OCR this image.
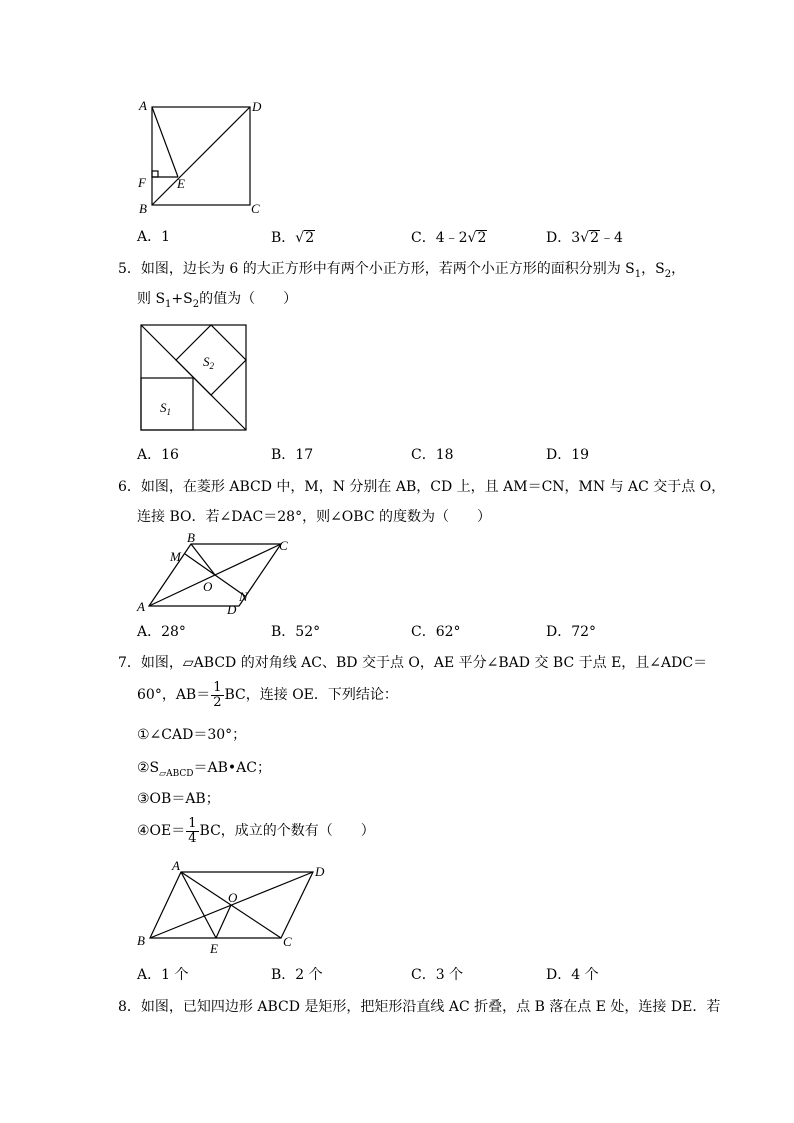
A	D
F E
B	C
A．1	B．√2	C．4﹣2√2	D．3√2﹣4
5．如图，边长为 6 的大正方形中有两个小正方形，若两个小正方形的面积分别为 $S_1$，$S_2$，
则 $S_1+S_2$的值为（　　）
$S_2$
$S_1$
A．16	B．17	C．18	D．19
6．如图，在菱形 ABCD 中，M，N 分别在 AB，CD 上，且 AM＝CN，MN 与 AC 交于点 O，
连接 BO．若∠DAC＝28°，则∠OBC 的度数为（　　）
B
C
M
O
A	D
N
A．28°	B．52°	C．62°	D．72°
7．如图，▱ABCD 的对角线 AC、BD 交于点 O，AE 平分∠BAD 交 BC 于点 E，且∠ADC＝
60°，$AB= \frac{1}{2}$ BC，连接 OE．下列结论：
①∠CAD＝30°；
$②S_{▱ABCD}=AB•AC$；
③OB＝AB；
④OE＝ $\frac{1}{4}$ BC，成立的个数有（　　）
A	D
O
B
E	C
A．1 个	B．2 个	C．3 个	D．4 个
8．如图，已知四边形 ABCD 是矩形，把矩形沿直线 AC 折叠，点 B 落在点 E 处，连接 DE．若
